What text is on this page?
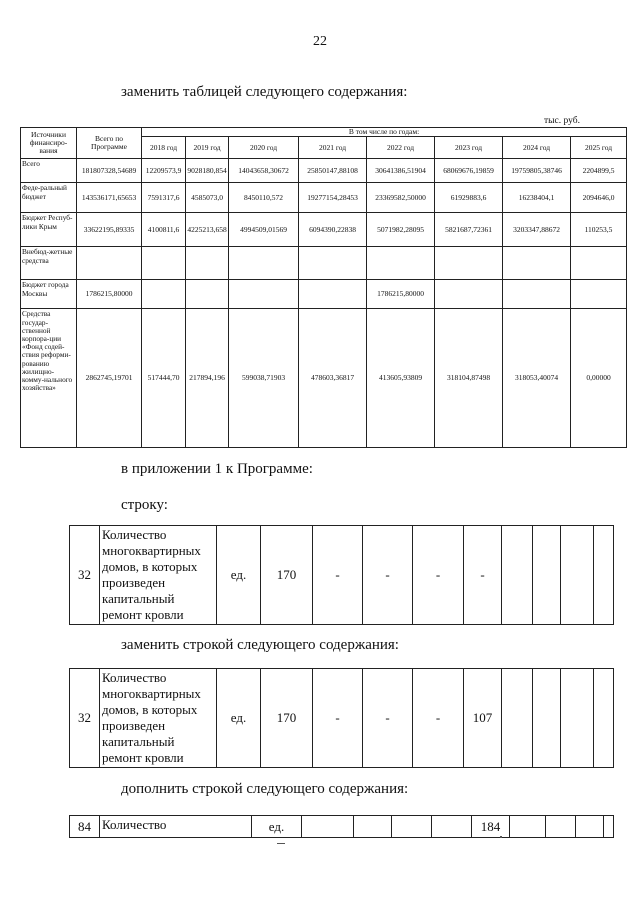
22
заменить таблицей следующего содержания:
тыс. руб.
Источники финансиро-вания	Всего по Программе	В том числе по годам:							
		2018 год	2019 год	2020 год	2021 год	2022 год	2023 год	2024 год	2025 год
Всего	181807328,54689	12209573,9	9028180,854	14043658,30672	25850147,88108	30641386,51904	68069676,19859	19759805,38746	2204899,5
Феде-ральный бюджет	143536171,65653	7591317,6	4585073,0	8450110,572	19277154,28453	23369582,50000	61929883,6	16238404,1	2094646,0
Бюджет Респуб-лики Крым	33622195,89335	4100811,6	4225213,658	4994509,01569	6094390,22838	5071982,28095	5821687,72361	3203347,88672	110253,5
Внебюд-жетные средства									
Бюджет города Москвы	1786215,80000					1786215,80000			
Средства государ-ственной корпора-ции «Фонд содей-ствия реформи-рованию жилищно-комму-нального хозяйства»	2862745,19701	517444,70	217894,196	599038,71903	478603,36817	413605,93809	318104,87498	318053,40074	0,00000
в приложении 1 к Программе:
строку:
32	Количество многоквартирных домов, в которых произведен капитальный ремонт кровли	ед.	170	-	-	-	-				
заменить строкой следующего содержания:
32	Количество многоквартирных домов, в которых произведен капитальный ремонт кровли	ед.	170	-	-	-	107				
дополнить строкой следующего содержания:
84	Количество	ед.					184				
